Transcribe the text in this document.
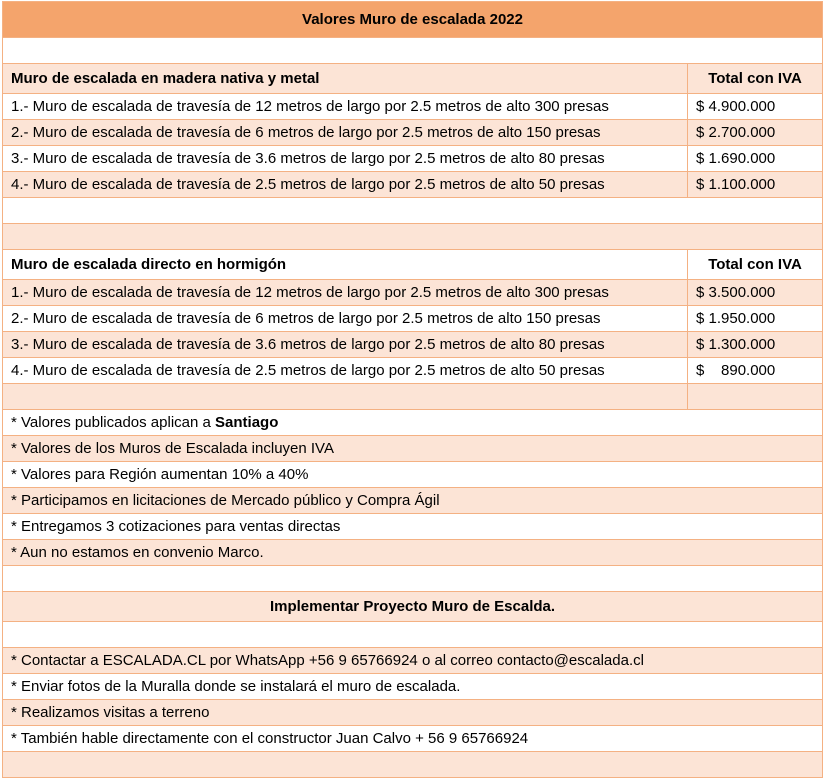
Valores Muro de escalada 2022	

Muro de escalada en madera nativa y metal	Total con IVA
1.- Muro de escalada de travesía de 12 metros de largo por 2.5 metros de alto 300 presas	$ 4.900.000
2.- Muro de escalada de travesía de 6 metros de largo por 2.5 metros de alto 150 presas	$ 2.700.000
3.- Muro de escalada de travesía de 3.6 metros de largo por 2.5 metros de alto 80 presas	$ 1.690.000
4.- Muro de escalada de travesía de 2.5 metros de largo por 2.5 metros de alto 50 presas	$ 1.100.000

Muro de escalada directo en hormigón	Total con IVA
1.- Muro de escalada de travesía de 12 metros de largo por 2.5 metros de alto 300 presas	$ 3.500.000
2.- Muro de escalada de travesía de 6 metros de largo por 2.5 metros de alto 150 presas	$ 1.950.000
3.- Muro de escalada de travesía de 3.6 metros de largo por 2.5 metros de alto 80 presas	$ 1.300.000
4.- Muro de escalada de travesía de 2.5 metros de largo por 2.5 metros de alto 50 presas	$    890.000

* Valores publicados aplican a Santiago	
* Valores de los Muros de Escalada incluyen IVA	
* Valores para Región aumentan 10% a 40%	
* Participamos en licitaciones de Mercado público y Compra Ágil	
* Entregamos 3 cotizaciones para ventas directas	
* Aun no estamos en convenio Marco.	

Implementar Proyecto Muro de Escalda.	

* Contactar a ESCALADA.CL por WhatsApp +56 9 65766924 o al correo contacto@escalada.cl	
* Enviar fotos de la Muralla donde se instalará el muro de escalada.	
* Realizamos visitas a terreno	
* También hable directamente con el constructor Juan Calvo + 56 9 65766924	
